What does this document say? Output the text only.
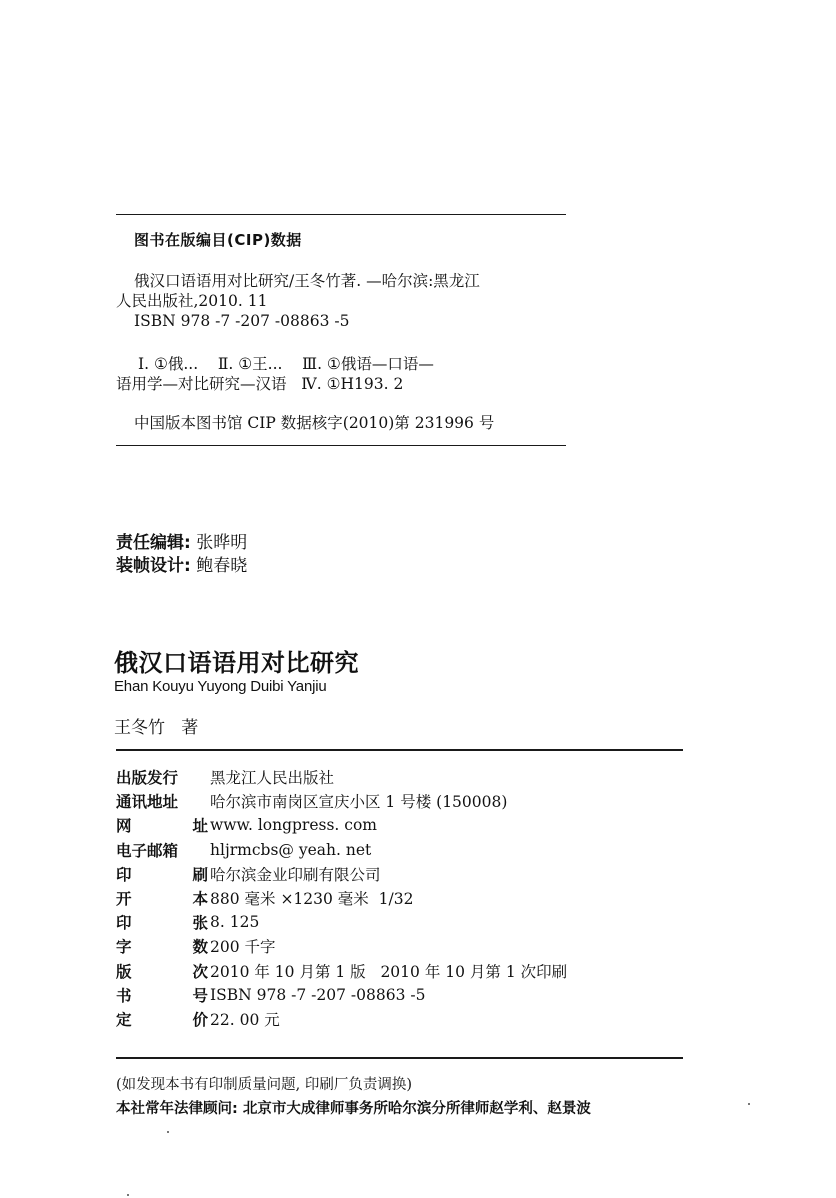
图书在版编目(CIP)数据
俄汉口语语用对比研究/王冬竹著. —哈尔滨:黑龙江
人民出版社,2010. 11
ISBN 978 -7 -207 -08863 -5
Ⅰ. ①俄...    Ⅱ. ①王...    Ⅲ. ①俄语—口语—
语用学—对比研究—汉语   Ⅳ. ①H193. 2
中国版本图书馆 CIP 数据核字(2010)第 231996 号
责任编辑: 张晔明
装帧设计: 鲍春晓
俄汉口语语用对比研究
Ehan Kouyu Yuyong Duibi Yanjiu
王冬竹   著
出版发行 黑龙江人民出版社
通讯地址 哈尔滨市南岗区宣庆小区 1 号楼 (150008)
网	址 www. longpress. com
电子邮箱 hljrmcbs@ yeah. net
印	刷 哈尔滨金业印刷有限公司
开	本 880 毫米 ×1230 毫米  1/32
印	张 8. 125
字	数 200 千字
版	次 2010 年 10 月第 1 版   2010 年 10 月第 1 次印刷
书	号 ISBN 978 -7 -207 -08863 -5
定	价 22. 00 元
(如发现本书有印制质量问题, 印刷厂负责调换)
本社常年法律顾问: 北京市大成律师事务所哈尔滨分所律师赵学利、赵景波
